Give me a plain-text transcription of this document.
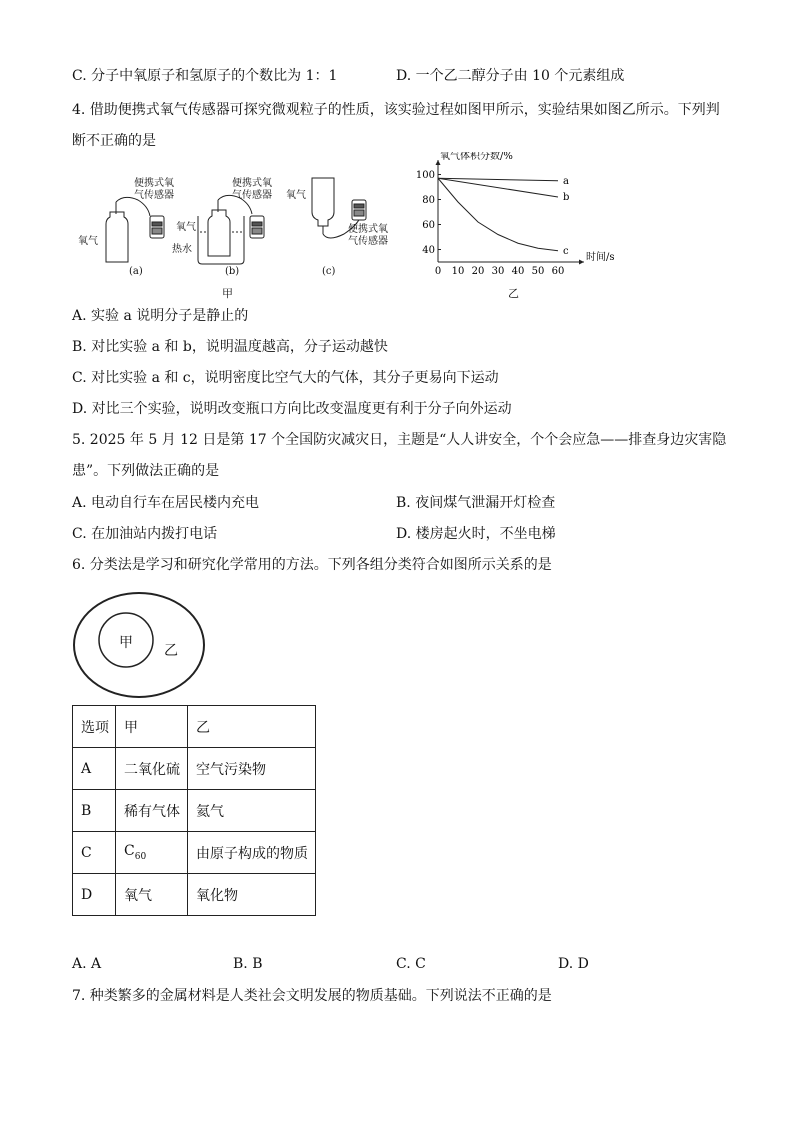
C. 分子中氧原子和氢原子的个数比为 1：1	D. 一个乙二醇分子由 10 个元素组成
4. 借助便携式氧气传感器可探究微观粒子的性质，该实验过程如图甲所示，实验结果如图乙所示。下列判
断不正确的是
便携式氧
气传感器
氧气
(a)
便携式氧
气传感器
氧气
热水
(b)
氧气
便携式氧
气传感器
(c)
甲
0 10 20 30 40 50 60
40
60
80
100
氧气体积分数/%
时间/s
a
b
c
乙
A. 实验 a 说明分子是静止的
B. 对比实验 a 和 b，说明温度越高，分子运动越快
C. 对比实验 a 和 c，说明密度比空气大的气体，其分子更易向下运动
D. 对比三个实验，说明改变瓶口方向比改变温度更有利于分子向外运动
5. 2025 年 5 月 12 日是第 17 个全国防灾减灾日，主题是“人人讲安全，个个会应急——排查身边灾害隐
患”。下列做法正确的是
A. 电动自行车在居民楼内充电	B. 夜间煤气泄漏开灯检查
C. 在加油站内拨打电话	D. 楼房起火时，不坐电梯
6. 分类法是学习和研究化学常用的方法。下列各组分类符合如图所示关系的是
甲 乙
选项	甲	乙
A	二氧化硫	空气污染物
B	稀有气体	氦气
C	$C_{60}$	由原子构成的物质
D	氧气	氧化物
A. A	B. B	C. C	D. D
7. 种类繁多的金属材料是人类社会文明发展的物质基础。下列说法不正确的是
